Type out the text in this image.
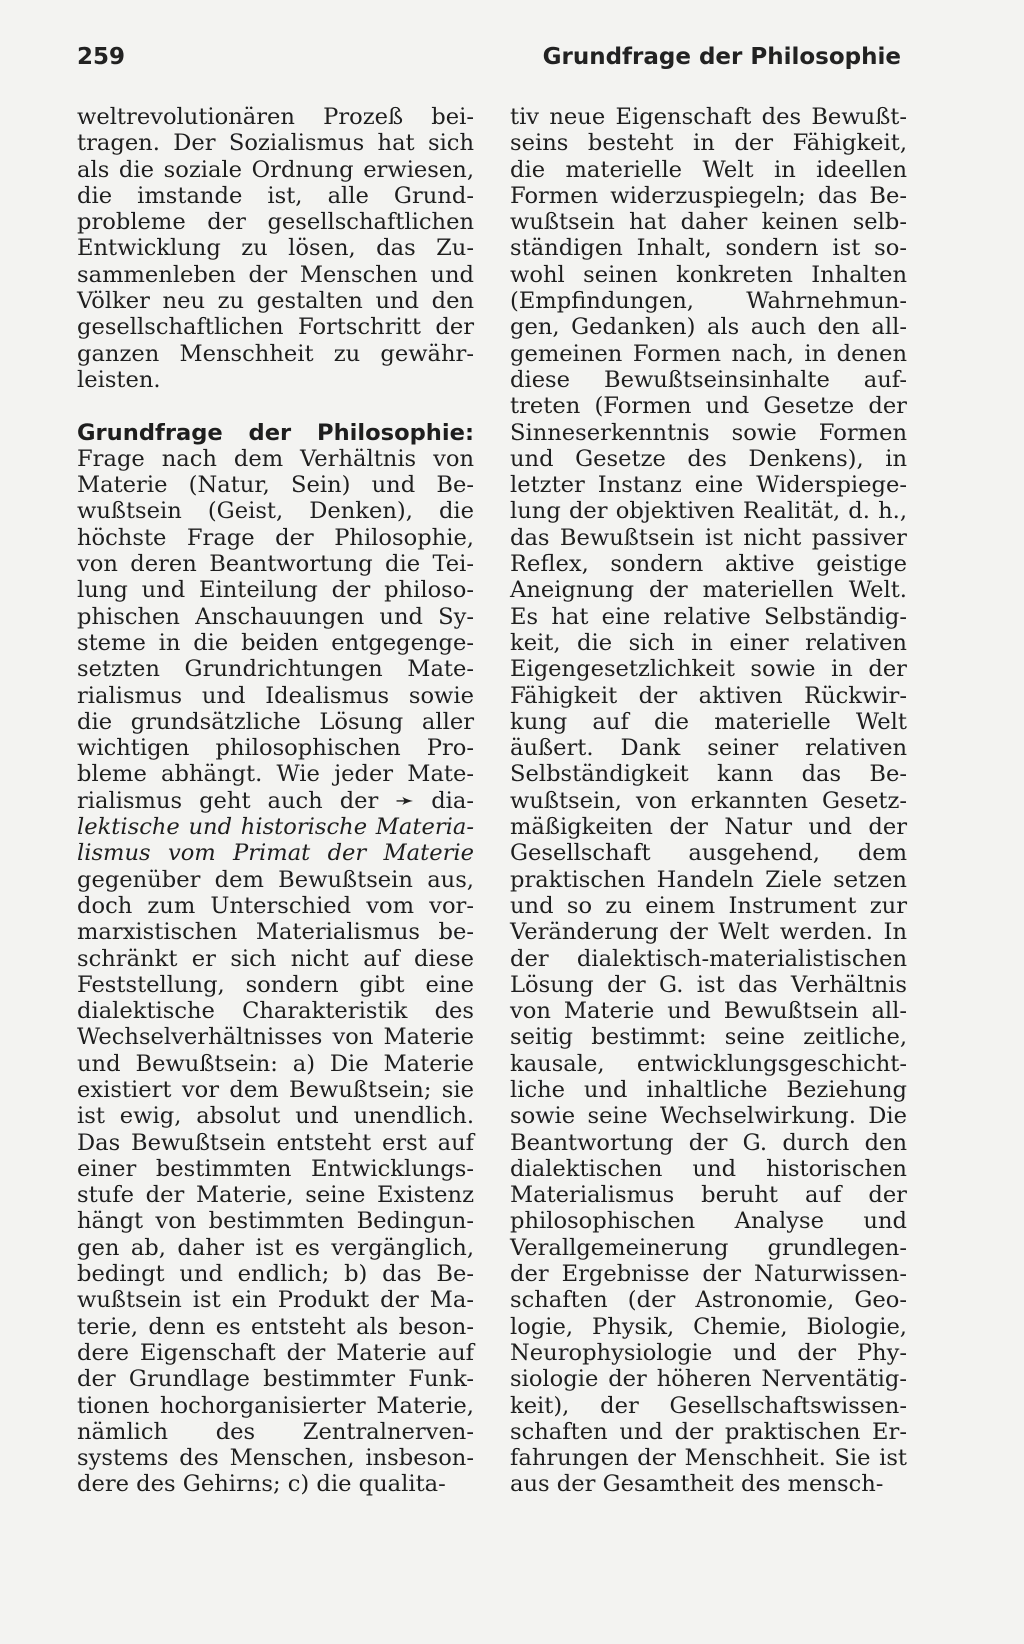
259	Grundfrage der Philosophie
weltrevolutionären Prozeß bei-
tragen. Der Sozialismus hat sich
als die soziale Ordnung erwiesen,
die imstande ist, alle Grund-
probleme der gesellschaftlichen
Entwicklung zu lösen, das Zu-
sammenleben der Menschen und
Völker neu zu gestalten und den
gesellschaftlichen Fortschritt der
ganzen Menschheit zu gewähr-
leisten.
Grundfrage der Philosophie:
Frage nach dem Verhältnis von
Materie (Natur, Sein) und Be-
wußtsein (Geist, Denken), die
höchste Frage der Philosophie,
von deren Beantwortung die Tei-
lung und Einteilung der philoso-
phischen Anschauungen und Sy-
steme in die beiden entgegenge-
setzten Grundrichtungen Mate-
rialismus und Idealismus sowie
die grundsätzliche Lösung aller
wichtigen philosophischen Pro-
bleme abhängt. Wie jeder Mate-
rialismus geht auch der ➛ dia-
lektische und historische Materia-
lismus vom Primat der Materie
gegenüber dem Bewußtsein aus,
doch zum Unterschied vom vor-
marxistischen Materialismus be-
schränkt er sich nicht auf diese
Feststellung, sondern gibt eine
dialektische Charakteristik des
Wechselverhältnisses von Materie
und Bewußtsein: a) Die Materie
existiert vor dem Bewußtsein; sie
ist ewig, absolut und unendlich.
Das Bewußtsein entsteht erst auf
einer bestimmten Entwicklungs-
stufe der Materie, seine Existenz
hängt von bestimmten Bedingun-
gen ab, daher ist es vergänglich,
bedingt und endlich; b) das Be-
wußtsein ist ein Produkt der Ma-
terie, denn es entsteht als beson-
dere Eigenschaft der Materie auf
der Grundlage bestimmter Funk-
tionen hochorganisierter Materie,
nämlich des Zentralnerven-
systems des Menschen, insbeson-
dere des Gehirns; c) die qualita-
tiv neue Eigenschaft des Bewußt-
seins besteht in der Fähigkeit,
die materielle Welt in ideellen
Formen widerzuspiegeln; das Be-
wußtsein hat daher keinen selb-
ständigen Inhalt, sondern ist so-
wohl seinen konkreten Inhalten
(Empfindungen, Wahrnehmun-
gen, Gedanken) als auch den all-
gemeinen Formen nach, in denen
diese Bewußtseinsinhalte auf-
treten (Formen und Gesetze der
Sinneserkenntnis sowie Formen
und Gesetze des Denkens), in
letzter Instanz eine Widerspiege-
lung der objektiven Realität, d. h.,
das Bewußtsein ist nicht passiver
Reflex, sondern aktive geistige
Aneignung der materiellen Welt.
Es hat eine relative Selbständig-
keit, die sich in einer relativen
Eigengesetzlichkeit sowie in der
Fähigkeit der aktiven Rückwir-
kung auf die materielle Welt
äußert. Dank seiner relativen
Selbständigkeit kann das Be-
wußtsein, von erkannten Gesetz-
mäßigkeiten der Natur und der
Gesellschaft ausgehend, dem
praktischen Handeln Ziele setzen
und so zu einem Instrument zur
Veränderung der Welt werden. In
der dialektisch-materialistischen
Lösung der G. ist das Verhältnis
von Materie und Bewußtsein all-
seitig bestimmt: seine zeitliche,
kausale, entwicklungsgeschicht-
liche und inhaltliche Beziehung
sowie seine Wechselwirkung. Die
Beantwortung der G. durch den
dialektischen und historischen
Materialismus beruht auf der
philosophischen Analyse und
Verallgemeinerung grundlegen-
der Ergebnisse der Naturwissen-
schaften (der Astronomie, Geo-
logie, Physik, Chemie, Biologie,
Neurophysiologie und der Phy-
siologie der höheren Nerventätig-
keit), der Gesellschaftswissen-
schaften und der praktischen Er-
fahrungen der Menschheit. Sie ist
aus der Gesamtheit des mensch-
